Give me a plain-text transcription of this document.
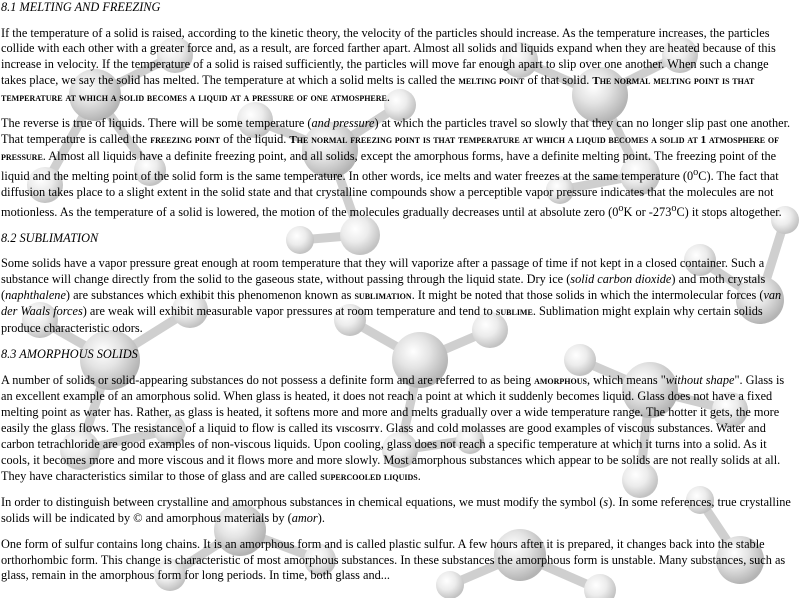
8.1 MELTING AND FREEZING

If the temperature of a solid is raised, according to the kinetic theory, the velocity of the particles should increase. As the temperature increases, the particles collide with each other with a greater force and, as a result, are forced farther apart. Almost all solids and liquids expand when they are heated because of this increase in velocity. If the temperature of a solid is raised sufficiently, the particles will move far enough apart to slip over one another. When such a change takes place, we say the solid has melted. The temperature at which a solid melts is called the melting point of that solid. The normal melting point is that temperature at which a solid becomes a liquid at a pressure of one atmosphere.

The reverse is true of liquids. There will be some temperature (and pressure) at which the particles travel so slowly that they can no longer slip past one another. That temperature is called the freezing point of the liquid. The normal freezing point is that temperature at which a liquid becomes a solid at 1 atmosphere of pressure. Almost all liquids have a definite freezing point, and all solids, except the amorphous forms, have a definite melting point. The freezing point of the liquid and the melting point of the solid form is the same temperature. In other words, ice melts and water freezes at the same temperature (0$^o$C). The fact that diffusion takes place to a slight extent in the solid state and that crystalline compounds show a perceptible vapor pressure indicates that the molecules are not motionless. As the temperature of a solid is lowered, the motion of the molecules gradually decreases until at absolute zero (0$^o$K or -273$^o$C) it stops altogether.

8.2 SUBLIMATION

Some solids have a vapor pressure great enough at room temperature that they will vaporize after a passage of time if not kept in a closed container. Such a substance will change directly from the solid to the gaseous state, without passing through the liquid state. Dry ice (solid carbon dioxide) and moth crystals (naphthalene) are substances which exhibit this phenomenon known as sublimation. It might be noted that those solids in which the intermolecular forces (van der Waals forces) are weak will exhibit measurable vapor pressures at room temperature and tend to sublime. Sublimation might explain why certain solids produce characteristic odors.

8.3 AMORPHOUS SOLIDS

A number of solids or solid-appearing substances do not possess a definite form and are referred to as being amorphous, which means "without shape". Glass is an excellent example of an amorphous solid. When glass is heated, it does not reach a point at which it suddenly becomes liquid. Glass does not have a fixed melting point as water has. Rather, as glass is heated, it softens more and more and melts gradually over a wide temperature range. The hotter it gets, the more easily the glass flows. The resistance of a liquid to flow is called its viscosity. Glass and cold molasses are good examples of viscous substances. Water and carbon tetrachloride are good examples of non-viscous liquids. Upon cooling, glass does not reach a specific temperature at which it turns into a solid. As it cools, it becomes more and more viscous and it flows more and more slowly. Most amorphous substances which appear to be solids are not really solids at all. They have characteristics similar to those of glass and are called supercooled liquids.

In order to distinguish between crystalline and amorphous substances in chemical equations, we must modify the symbol (s). In some references, true crystalline solids will be indicated by © and amorphous materials by (amor).

One form of sulfur contains long chains. It is an amorphous form and is called plastic sulfur. A few hours after it is prepared, it changes back into the stable orthorhombic form. This change is characteristic of most amorphous substances. In these substances the amorphous form is unstable. Many substances, such as glass, remain in the amorphous form for long periods. In time, both glass and...
